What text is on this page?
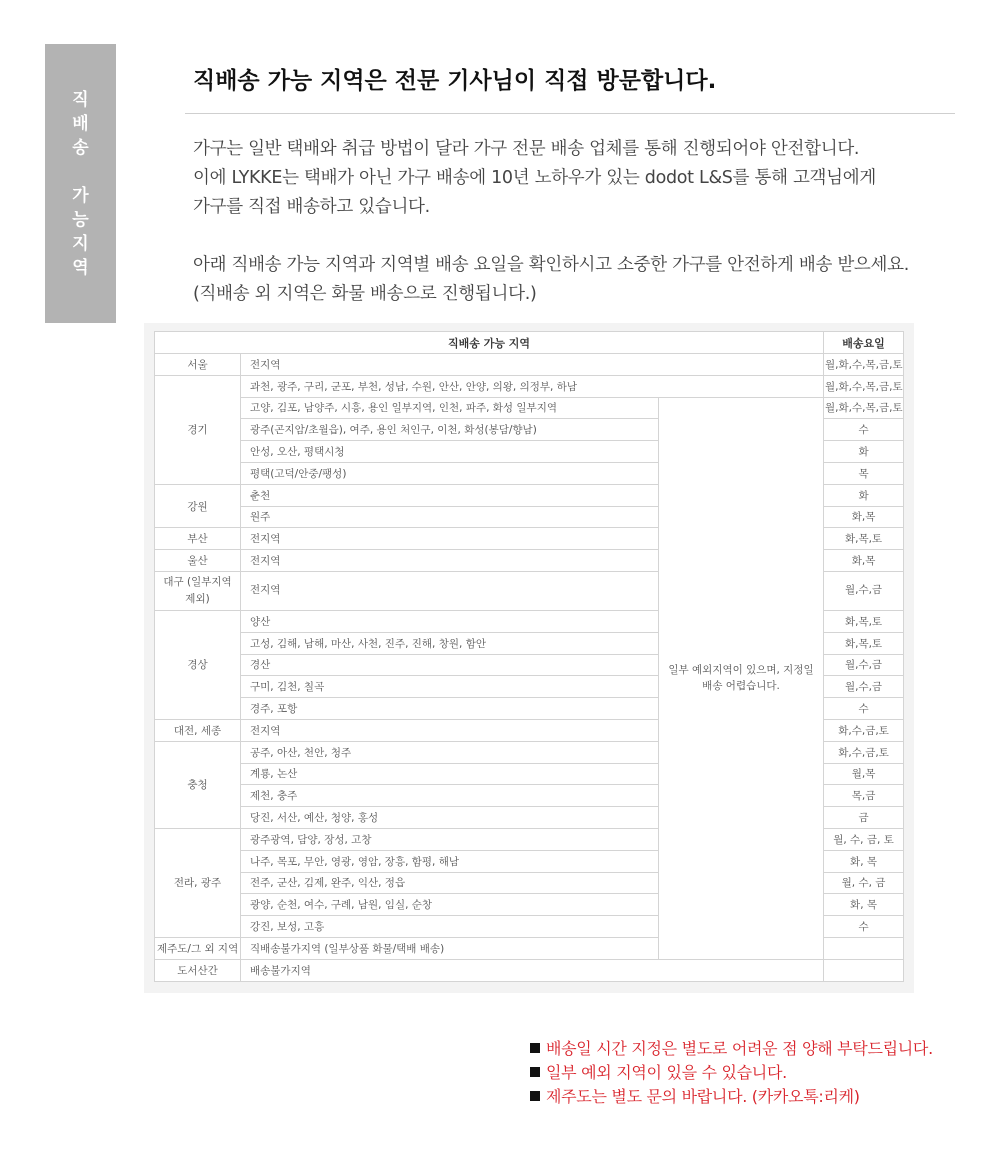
직
배
송
가
능
지
역
직배송 가능 지역은 전문 기사님이 직접 방문합니다.

가구는 일반 택배와 취급 방법이 달라 가구 전문 배송 업체를 통해 진행되어야 안전합니다.

이에 LYKKE는 택배가 아닌 가구 배송에 10년 노하우가 있는 dodot L&S를 통해 고객님에게

가구를 직접 배송하고 있습니다.

아래 직배송 가능 지역과 지역별 배송 요일을 확인하시고 소중한 가구를 안전하게 배송 받으세요.

(직배송 외 지역은 화물 배송으로 진행됩니다.)

직배송 가능 지역			배송요일
서울	전지역		월,화,수,목,금,토
경기	과천, 광주, 구리, 군포, 부천, 성남, 수원, 안산, 안양, 의왕, 의정부, 하남		월,화,수,목,금,토
	고양, 김포, 남양주, 시흥, 용인 일부지역, 인천, 파주, 화성 일부지역	일부 예외지역이 있으며, 지정일 배송 어렵습니다.	월,화,수,목,금,토
	광주(곤지암/초월읍), 여주, 용인 처인구, 이천, 화성(봉담/향남)		수
	안성, 오산, 평택시청		화
	평택(고덕/안중/팽성)		목
강원	춘천		화
	원주		화,목
부산	전지역		화,목,토
울산	전지역		화,목
대구 (일부지역 제외)	전지역		월,수,금
경상	양산		화,목,토
	고성, 김해, 남해, 마산, 사천, 진주, 진해, 창원, 함안		화,목,토
	경산		월,수,금
	구미, 김천, 칠곡		월,수,금
	경주, 포항		수
대전, 세종	전지역		화,수,금,토
충청	공주, 아산, 천안, 청주		화,수,금,토
	계룡, 논산		월,목
	제천, 충주		목,금
	당진, 서산, 예산, 청양, 홍성		금
전라, 광주	광주광역, 담양, 장성, 고창		월, 수, 금, 토
	나주, 목포, 무안, 영광, 영암, 장흥, 함평, 해남		화, 목
	전주, 군산, 김제, 완주, 익산, 정읍		월, 수, 금
	광양, 순천, 여수, 구례, 남원, 임실, 순창		화, 목
	강진, 보성, 고흥		수
제주도/그 외 지역	직배송불가지역 (일부상품 화물/택배 배송)		
도서산간	배송불가지역		
배송일 시간 지정은 별도로 어려운 점 양해 부탁드립니다.
일부 예외 지역이 있을 수 있습니다.
제주도는 별도 문의 바랍니다. (카카오톡:리케)
